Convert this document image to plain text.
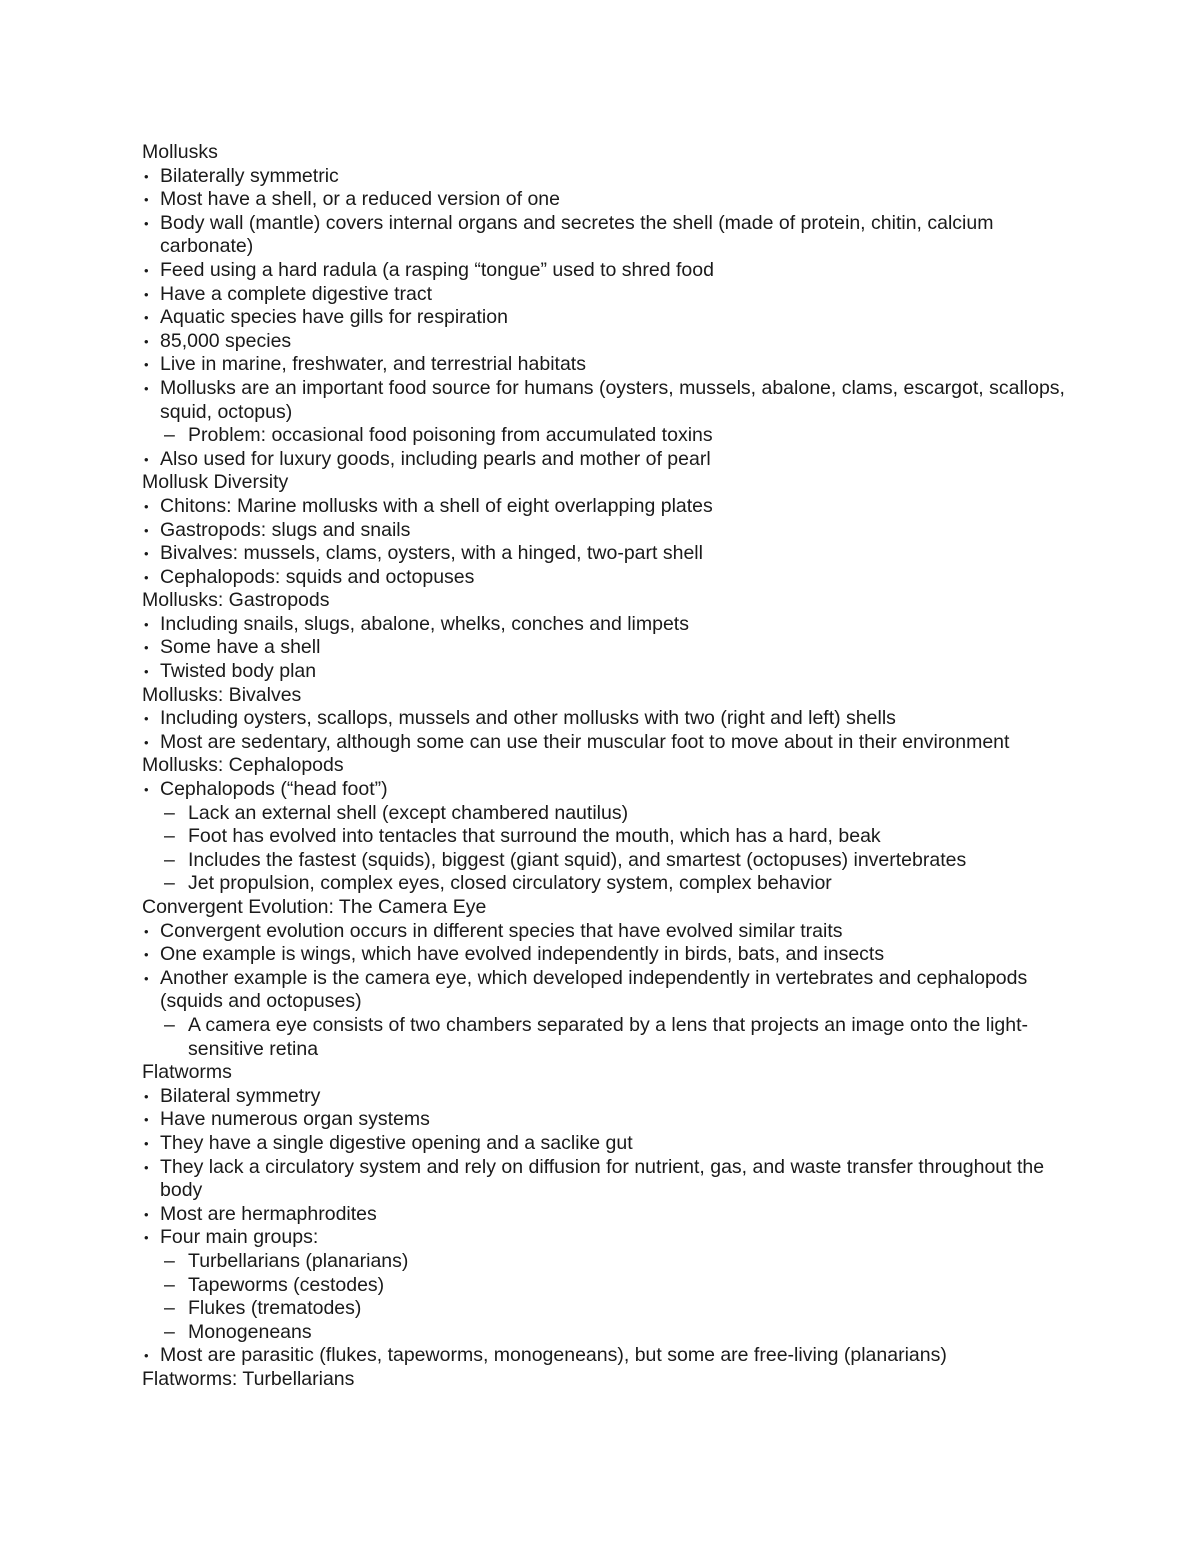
Mollusks
• Bilaterally symmetric
• Most have a shell, or a reduced version of one
• Body wall (mantle) covers internal organs and secretes the shell (made of protein, chitin, calcium carbonate)
• Feed using a hard radula (a rasping “tongue” used to shred food
• Have a complete digestive tract
• Aquatic species have gills for respiration
• 85,000 species
• Live in marine, freshwater, and terrestrial habitats
• Mollusks are an important food source for humans (oysters, mussels, abalone, clams, escargot, scallops, squid, octopus)
– Problem: occasional food poisoning from accumulated toxins
• Also used for luxury goods, including pearls and mother of pearl
Mollusk Diversity
• Chitons: Marine mollusks with a shell of eight overlapping plates
• Gastropods: slugs and snails
• Bivalves: mussels, clams, oysters, with a hinged, two-part shell
• Cephalopods: squids and octopuses
Mollusks: Gastropods
• Including snails, slugs, abalone, whelks, conches and limpets
• Some have a shell
• Twisted body plan
Mollusks: Bivalves
• Including oysters, scallops, mussels and other mollusks with two (right and left) shells
• Most are sedentary, although some can use their muscular foot to move about in their environment
Mollusks: Cephalopods
• Cephalopods (“head foot”)
– Lack an external shell (except chambered nautilus)
– Foot has evolved into tentacles that surround the mouth, which has a hard, beak
– Includes the fastest (squids), biggest (giant squid), and smartest (octopuses) invertebrates
– Jet propulsion, complex eyes, closed circulatory system, complex behavior
Convergent Evolution: The Camera Eye
• Convergent evolution occurs in different species that have evolved similar traits
• One example is wings, which have evolved independently in birds, bats, and insects
• Another example is the camera eye, which developed independently in vertebrates and cephalopods (squids and octopuses)
– A camera eye consists of two chambers separated by a lens that projects an image onto the light-sensitive retina
Flatworms
• Bilateral symmetry
• Have numerous organ systems
• They have a single digestive opening and a saclike gut
• They lack a circulatory system and rely on diffusion for nutrient, gas, and waste transfer throughout the body
• Most are hermaphrodites
• Four main groups:
– Turbellarians (planarians)
– Tapeworms (cestodes)
– Flukes (trematodes)
– Monogeneans
• Most are parasitic (flukes, tapeworms, monogeneans), but some are free-living (planarians)
Flatworms: Turbellarians
